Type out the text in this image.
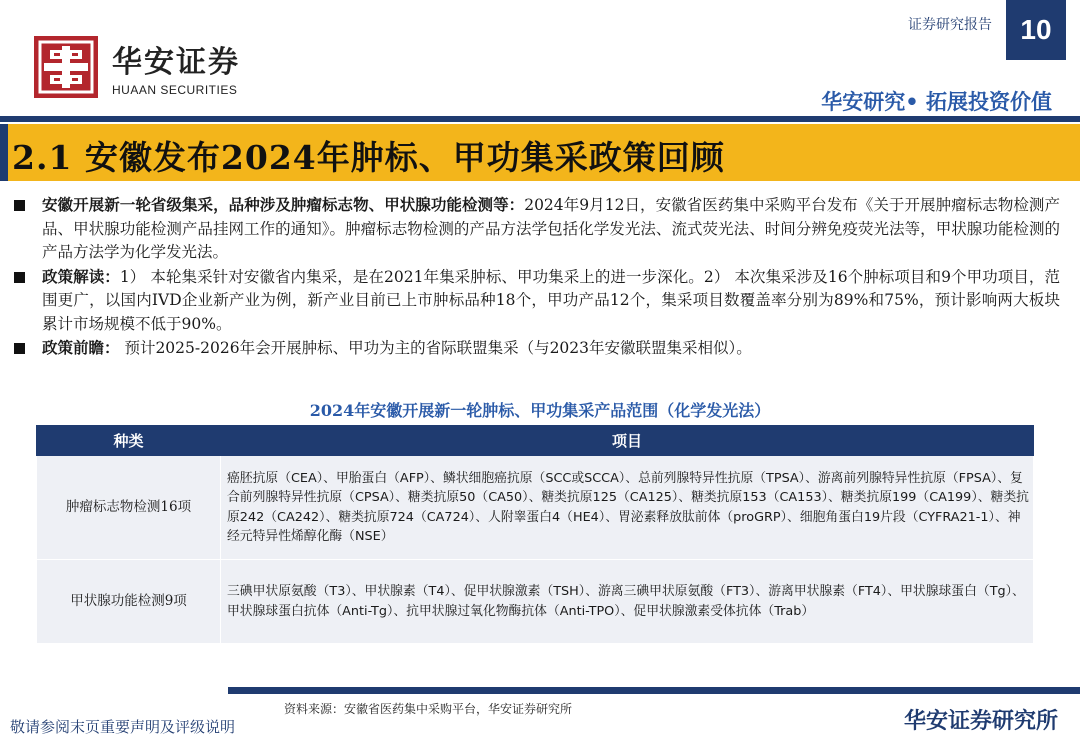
证券研究报告	10
华安证券
HUAAN SECURITIES	华安研究• 拓展投资价值
2.1 安徽发布2024年肿标、甲功集采政策回顾
安徽开展新一轮省级集采，品种涉及肿瘤标志物、甲状腺功能检测等：2024年9月12日，安徽省医药集中采购平台发布《关于开展肿瘤标志物检测产品、甲状腺功能检测产品挂网工作的通知》。肿瘤标志物检测的产品方法学包括化学发光法、流式荧光法、时间分辨免疫荧光法等，甲状腺功能检测的产品方法学为化学发光法。
政策解读：1） 本轮集采针对安徽省内集采，是在2021年集采肿标、甲功集采上的进一步深化。2） 本次集采涉及16个肿标项目和9个甲功项目，范围更广，以国内IVD企业新产业为例，新产业目前已上市肿标品种18个，甲功产品12个，集采项目数覆盖率分别为89%和75%，预计影响两大板块累计市场规模不低于90%。
政策前瞻： 预计2025-2026年会开展肿标、甲功为主的省际联盟集采（与2023年安徽联盟集采相似）。
2024年安徽开展新一轮肿标、甲功集采产品范围（化学发光法）
种类	项目
肿瘤标志物检测16项	癌胚抗原（CEA）、甲胎蛋白（AFP）、鳞状细胞癌抗原（SCC或SCCA）、总前列腺特异性抗原（TPSA）、游离前列腺特异性抗原（FPSA）、复合前列腺特异性抗原（CPSA）、糖类抗原50（CA50）、糖类抗原125（CA125）、糖类抗原153（CA153）、糖类抗原199（CA199）、糖类抗原242（CA242）、糖类抗原724（CA724）、人附睾蛋白4（HE4）、胃泌素释放肽前体（proGRP）、细胞角蛋白19片段（CYFRA21-1）、神经元特异性烯醇化酶（NSE）
甲状腺功能检测9项	三碘甲状原氨酸（T3）、甲状腺素（T4）、促甲状腺激素（TSH）、游离三碘甲状原氨酸（FT3）、游离甲状腺素（FT4）、甲状腺球蛋白（Tg）、甲状腺球蛋白抗体（Anti-Tg）、抗甲状腺过氧化物酶抗体（Anti-TPO）、促甲状腺激素受体抗体（Trab）
资料来源：安徽省医药集中采购平台，华安证券研究所
敬请参阅末页重要声明及评级说明	华安证券研究所
